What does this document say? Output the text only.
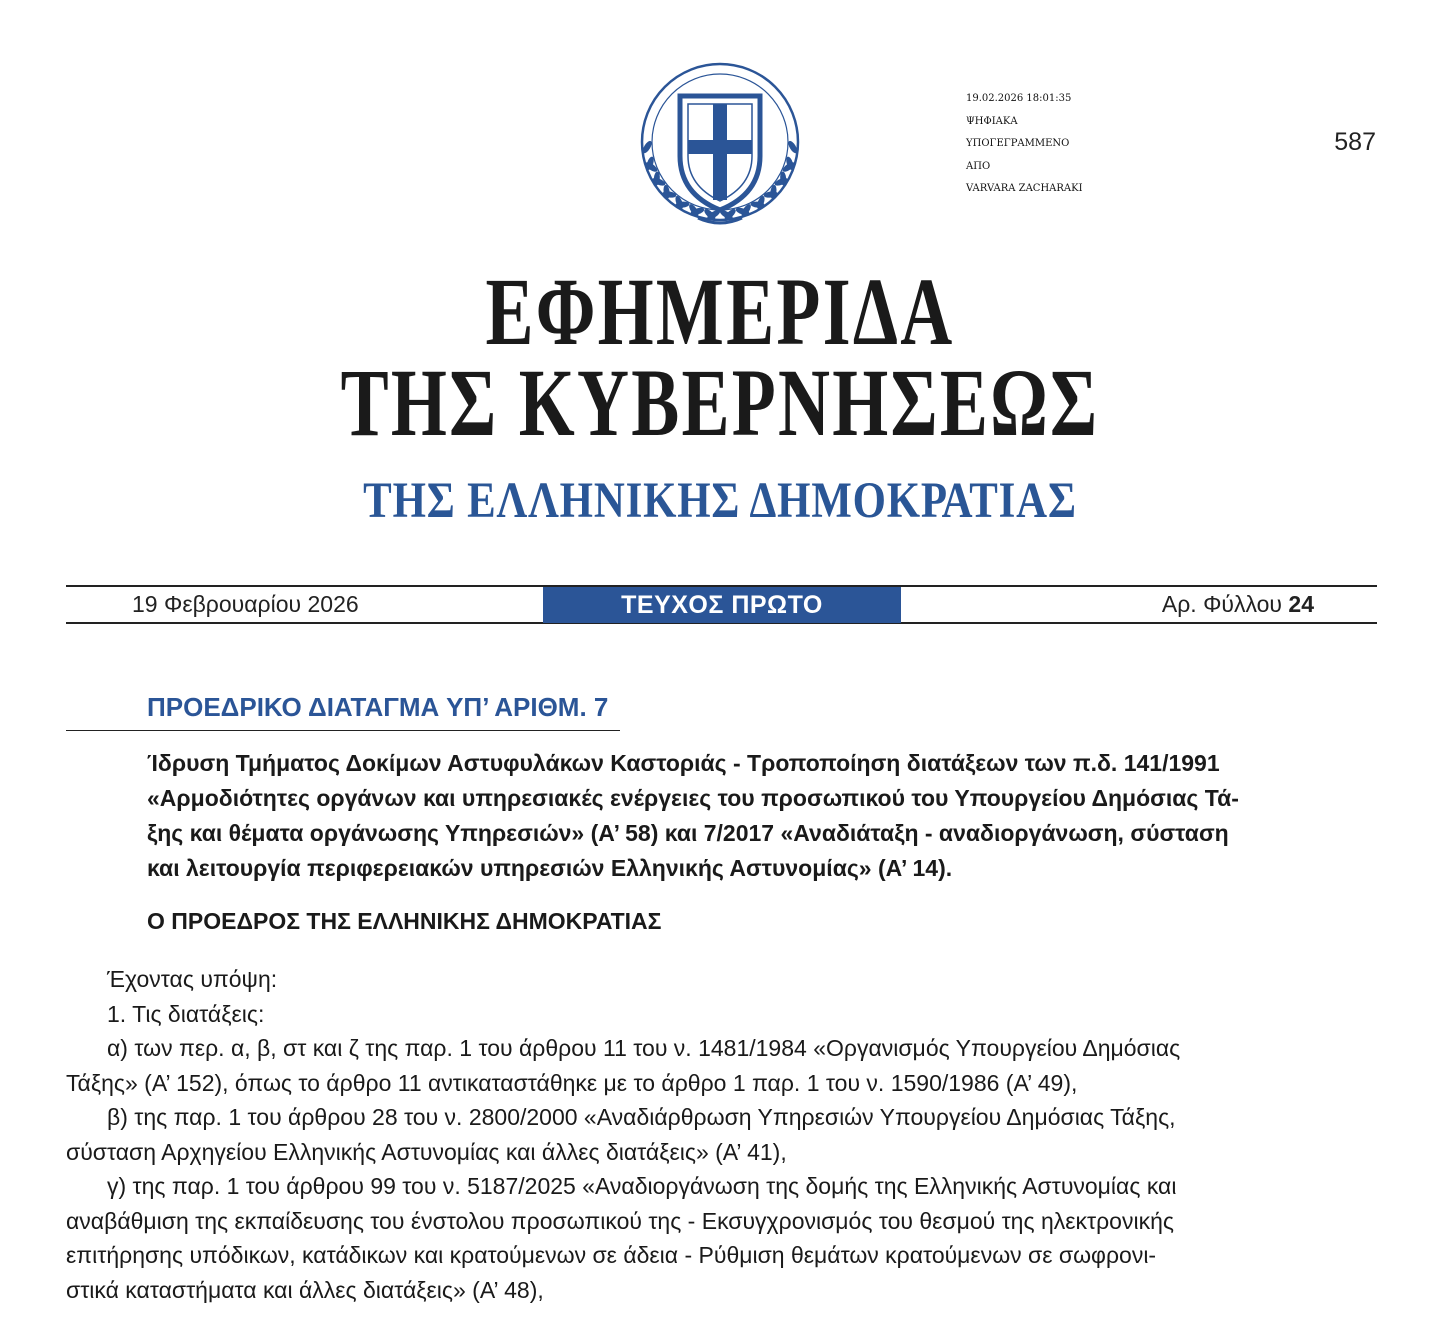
19.02.2026 18:01:35
ΨΗΦΙΑΚΑ
ΥΠΟΓΕΓΡΑΜΜΕΝΟ
ΑΠΟ
VARVARA ZACHARAKI
587
ΕΦΗΜΕΡΙΔΑ
ΤΗΣ ΚΥΒΕΡΝΗΣΕΩΣ
ΤΗΣ ΕΛΛΗΝΙΚΗΣ ΔΗΜΟΚΡΑΤΙΑΣ
19 Φεβρουαρίου 2026	ΤΕΥΧΟΣ ΠΡΩΤΟ	Αρ. Φύλλου 24
ΠΡΟΕΔΡΙΚΟ ΔΙΑΤΑΓΜΑ ΥΠ’ ΑΡΙΘΜ. 7
Ίδρυση Τμήματος Δοκίμων Αστυφυλάκων Καστοριάς - Τροποποίηση διατάξεων των π.δ. 141/1991
«Αρμοδιότητες οργάνων και υπηρεσιακές ενέργειες του προσωπικού του Υπουργείου Δημόσιας Τά-
ξης και θέματα οργάνωσης Υπηρεσιών» (Α’ 58) και 7/2017 «Αναδιάταξη - αναδιοργάνωση, σύσταση
και λειτουργία περιφερειακών υπηρεσιών Ελληνικής Αστυνομίας» (Α’ 14).
Ο ΠΡΟΕΔΡΟΣ ΤΗΣ ΕΛΛΗΝΙΚΗΣ ΔΗΜΟΚΡΑΤΙΑΣ
Έχοντας υπόψη:
1. Τις διατάξεις:
α) των περ. α, β, στ και ζ της παρ. 1 του άρθρου 11 του ν. 1481/1984 «Οργανισμός Υπουργείου Δημόσιας
Τάξης» (Α’ 152), όπως το άρθρο 11 αντικαταστάθηκε με το άρθρο 1 παρ. 1 του ν. 1590/1986 (Α’ 49),
β) της παρ. 1 του άρθρου 28 του ν. 2800/2000 «Αναδιάρθρωση Υπηρεσιών Υπουργείου Δημόσιας Τάξης,
σύσταση Αρχηγείου Ελληνικής Αστυνομίας και άλλες διατάξεις» (Α’ 41),
γ) της παρ. 1 του άρθρου 99 του ν. 5187/2025 «Αναδιοργάνωση της δομής της Ελληνικής Αστυνομίας και
αναβάθμιση της εκπαίδευσης του ένστολου προσωπικού της - Εκσυγχρονισμός του θεσμού της ηλεκτρονικής
επιτήρησης υπόδικων, κατάδικων και κρατούμενων σε άδεια - Ρύθμιση θεμάτων κρατούμενων σε σωφρονι-
στικά καταστήματα και άλλες διατάξεις» (Α’ 48),
